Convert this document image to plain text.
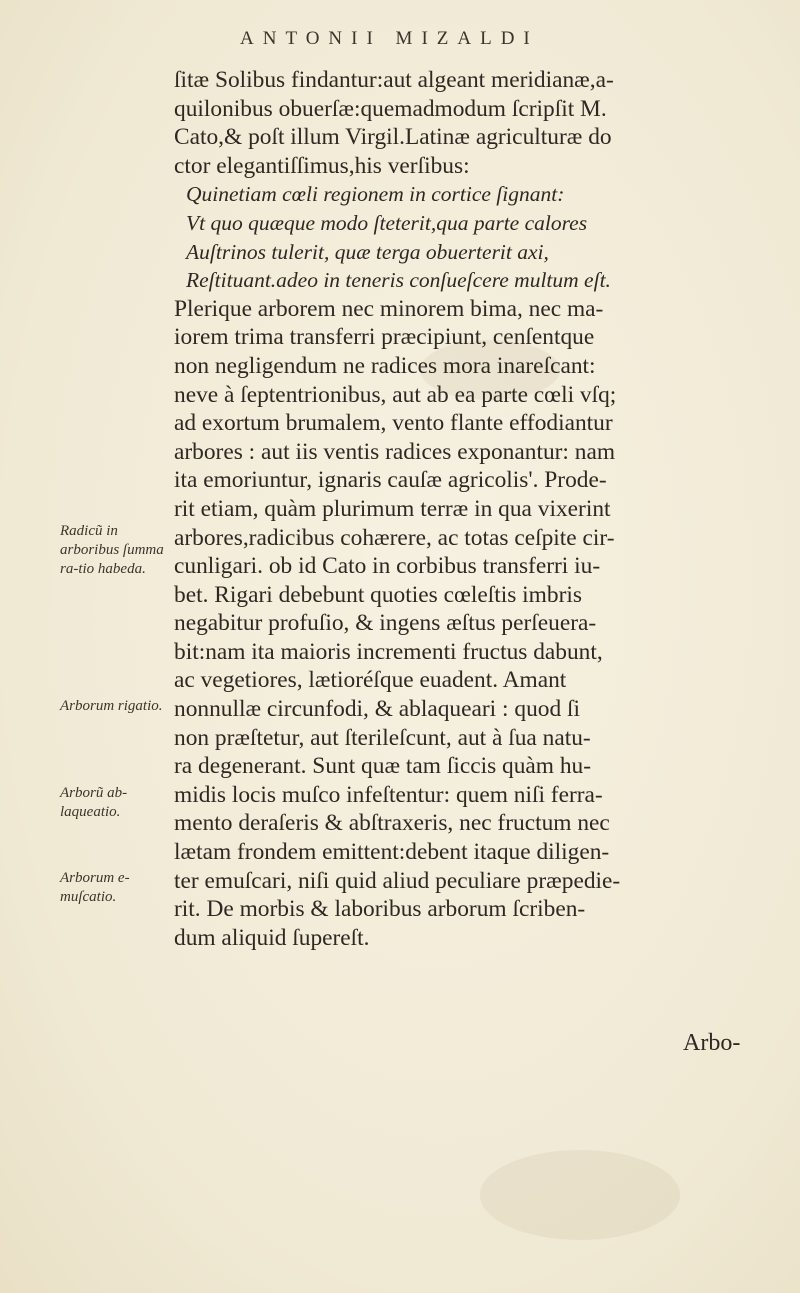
ANTONII MIZALDI
ſitæ Solibus findantur:aut algeant meridianæ,a-
quilonibus obuerſæ:quemadmodum ſcripſit M.
Cato,& poſt illum Virgil.Latinæ agriculturæ do
ctor elegantiſſimus,his verſibus:
Quinetiam cœli regionem in cortice ſignant:
Vt quo quæque modo ſteterit,qua parte calores
Auſtrinos tulerit, quæ terga obuerterit axi,
Reſtituant.adeo in teneris conſueſcere multum eſt.
Plerique arborem nec minorem bima, nec ma-
iorem trima transferri præcipiunt, cenſentque
non negligendum ne radices mora inareſcant:
neve à ſeptentrionibus, aut ab ea parte cœli vſq;
ad exortum brumalem, vento flante effodiantur
arbores : aut iis ventis radices exponantur: nam
ita emoriuntur, ignaris cauſæ agricolis'. Prode-
rit etiam, quàm plurimum terræ in qua vixerint
arbores,radicibus cohærere, ac totas ceſpite cir-
cunligari. ob id Cato in corbibus transferri iu-
bet. Rigari debebunt quoties cœleſtis imbris
negabitur profuſio, & ingens æſtus perſeuera-
bit:nam ita maioris incrementi fructus dabunt,
ac vegetiores, lætioréſque euadent. Amant
nonnullæ circunfodi, & ablaqueari : quod ſi
non præſtetur, aut ſterileſcunt, aut à ſua natu-
ra degenerant. Sunt quæ tam ſiccis quàm hu-
midis locis muſco infeſtentur: quem niſi ferra-
mento deraſeris & abſtraxeris, nec fructum nec
lætam frondem emittent:debent itaque diligen-
ter emuſcari, niſi quid aliud peculiare præpedie-
rit. De morbis & laboribus arborum ſcriben-
dum aliquid ſupereſt.
Radicũ in arboribus ſumma ra-tio habeda.
Arborum rigatio.
Arborũ ab-laqueatio.
Arborum e-muſcatio.
Arbo-
